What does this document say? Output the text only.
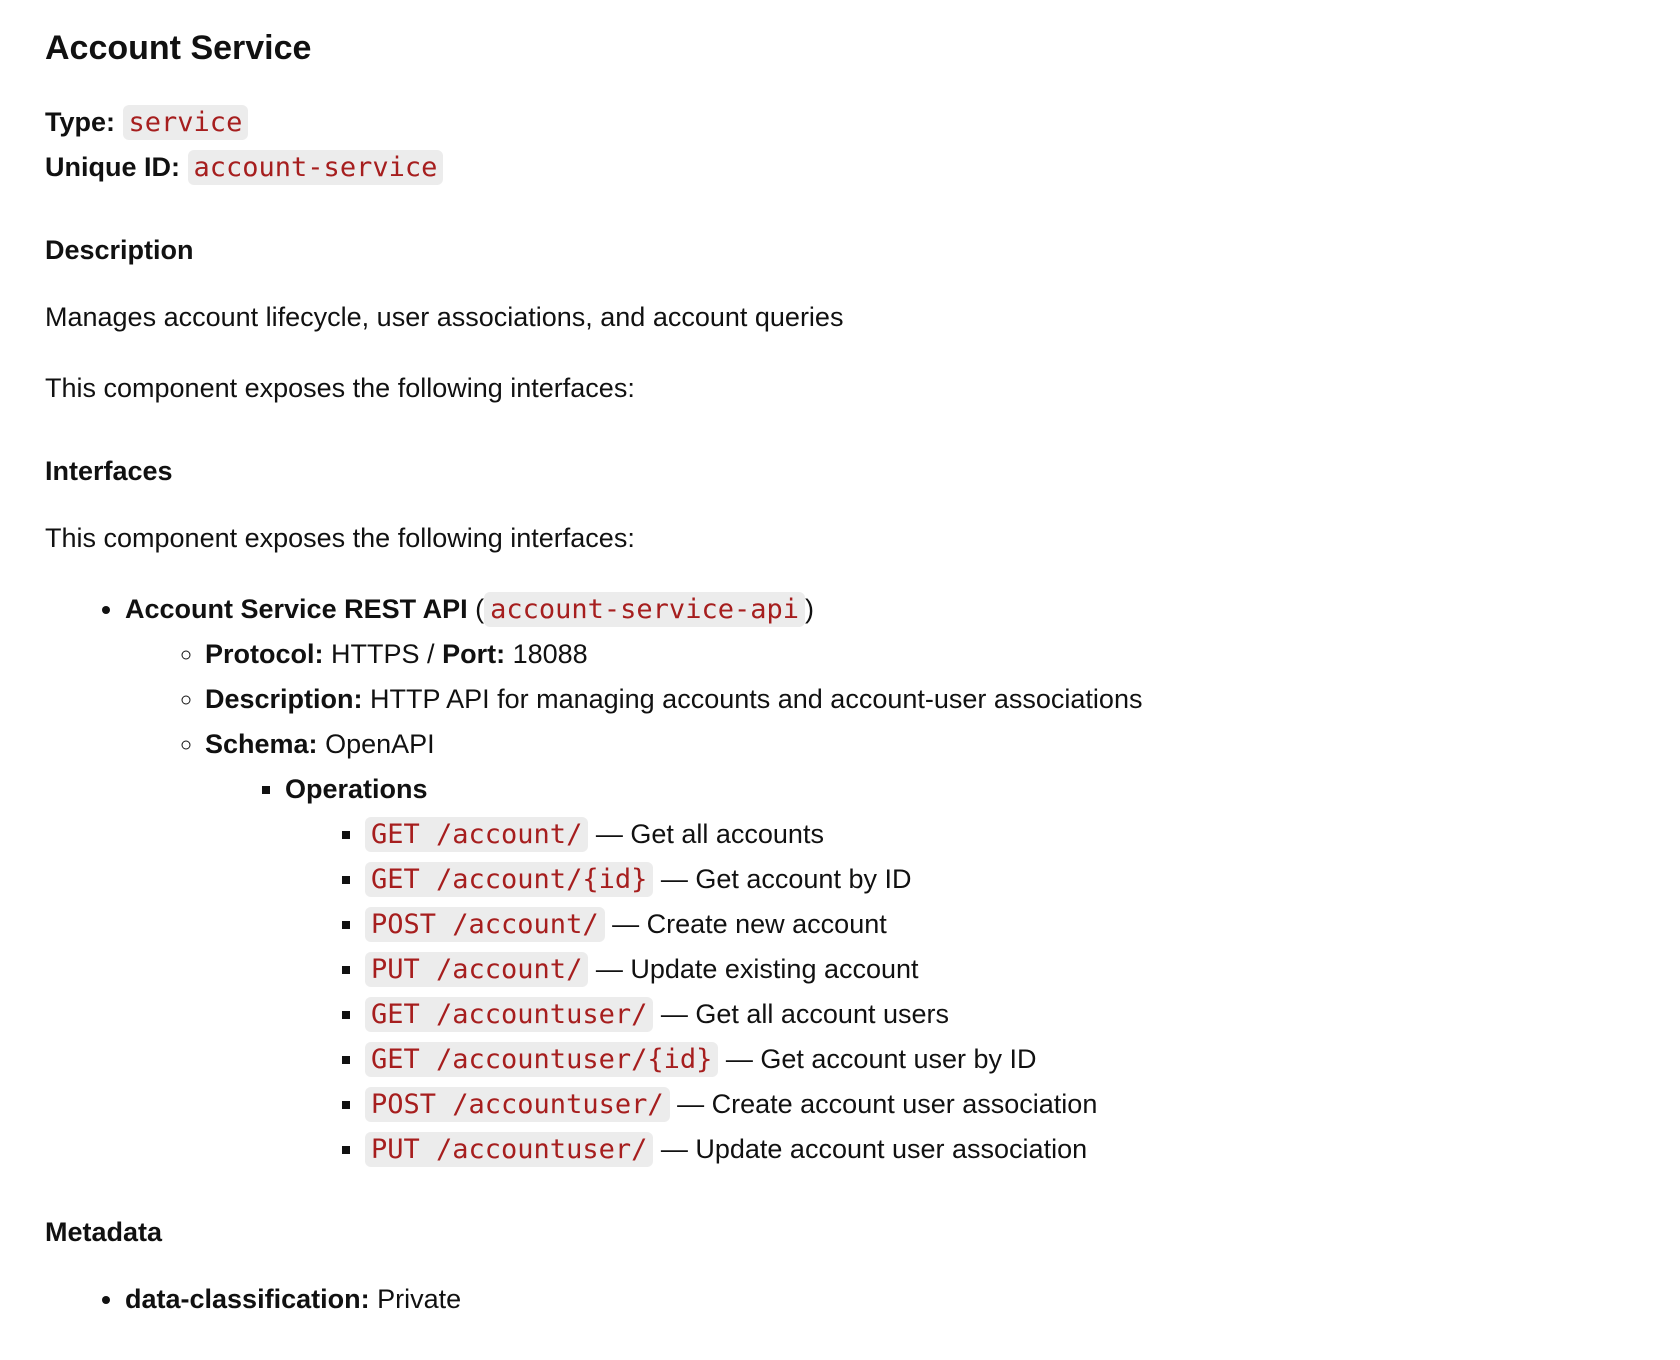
Account Service
Type: service
Unique ID: account-service
Description

Manages account lifecycle, user associations, and account queries

This component exposes the following interfaces:

Interfaces

This component exposes the following interfaces:

• Account Service REST API ( account-service-api )
◦ Protocol: HTTPS / Port: 18088
◦ Description: HTTP API for managing accounts and account-user associations
◦ Schema: OpenAPI
▪ Operations
▪ GET /account/ — Get all accounts
▪ GET /account/{id} — Get account by ID
▪ POST /account/ — Create new account
▪ PUT /account/ — Update existing account
▪ GET /accountuser/ — Get all account users
▪ GET /accountuser/{id} — Get account user by ID
▪ POST /accountuser/ — Create account user association
▪ PUT /accountuser/ — Update account user association
Metadata
• data-classification: Private
